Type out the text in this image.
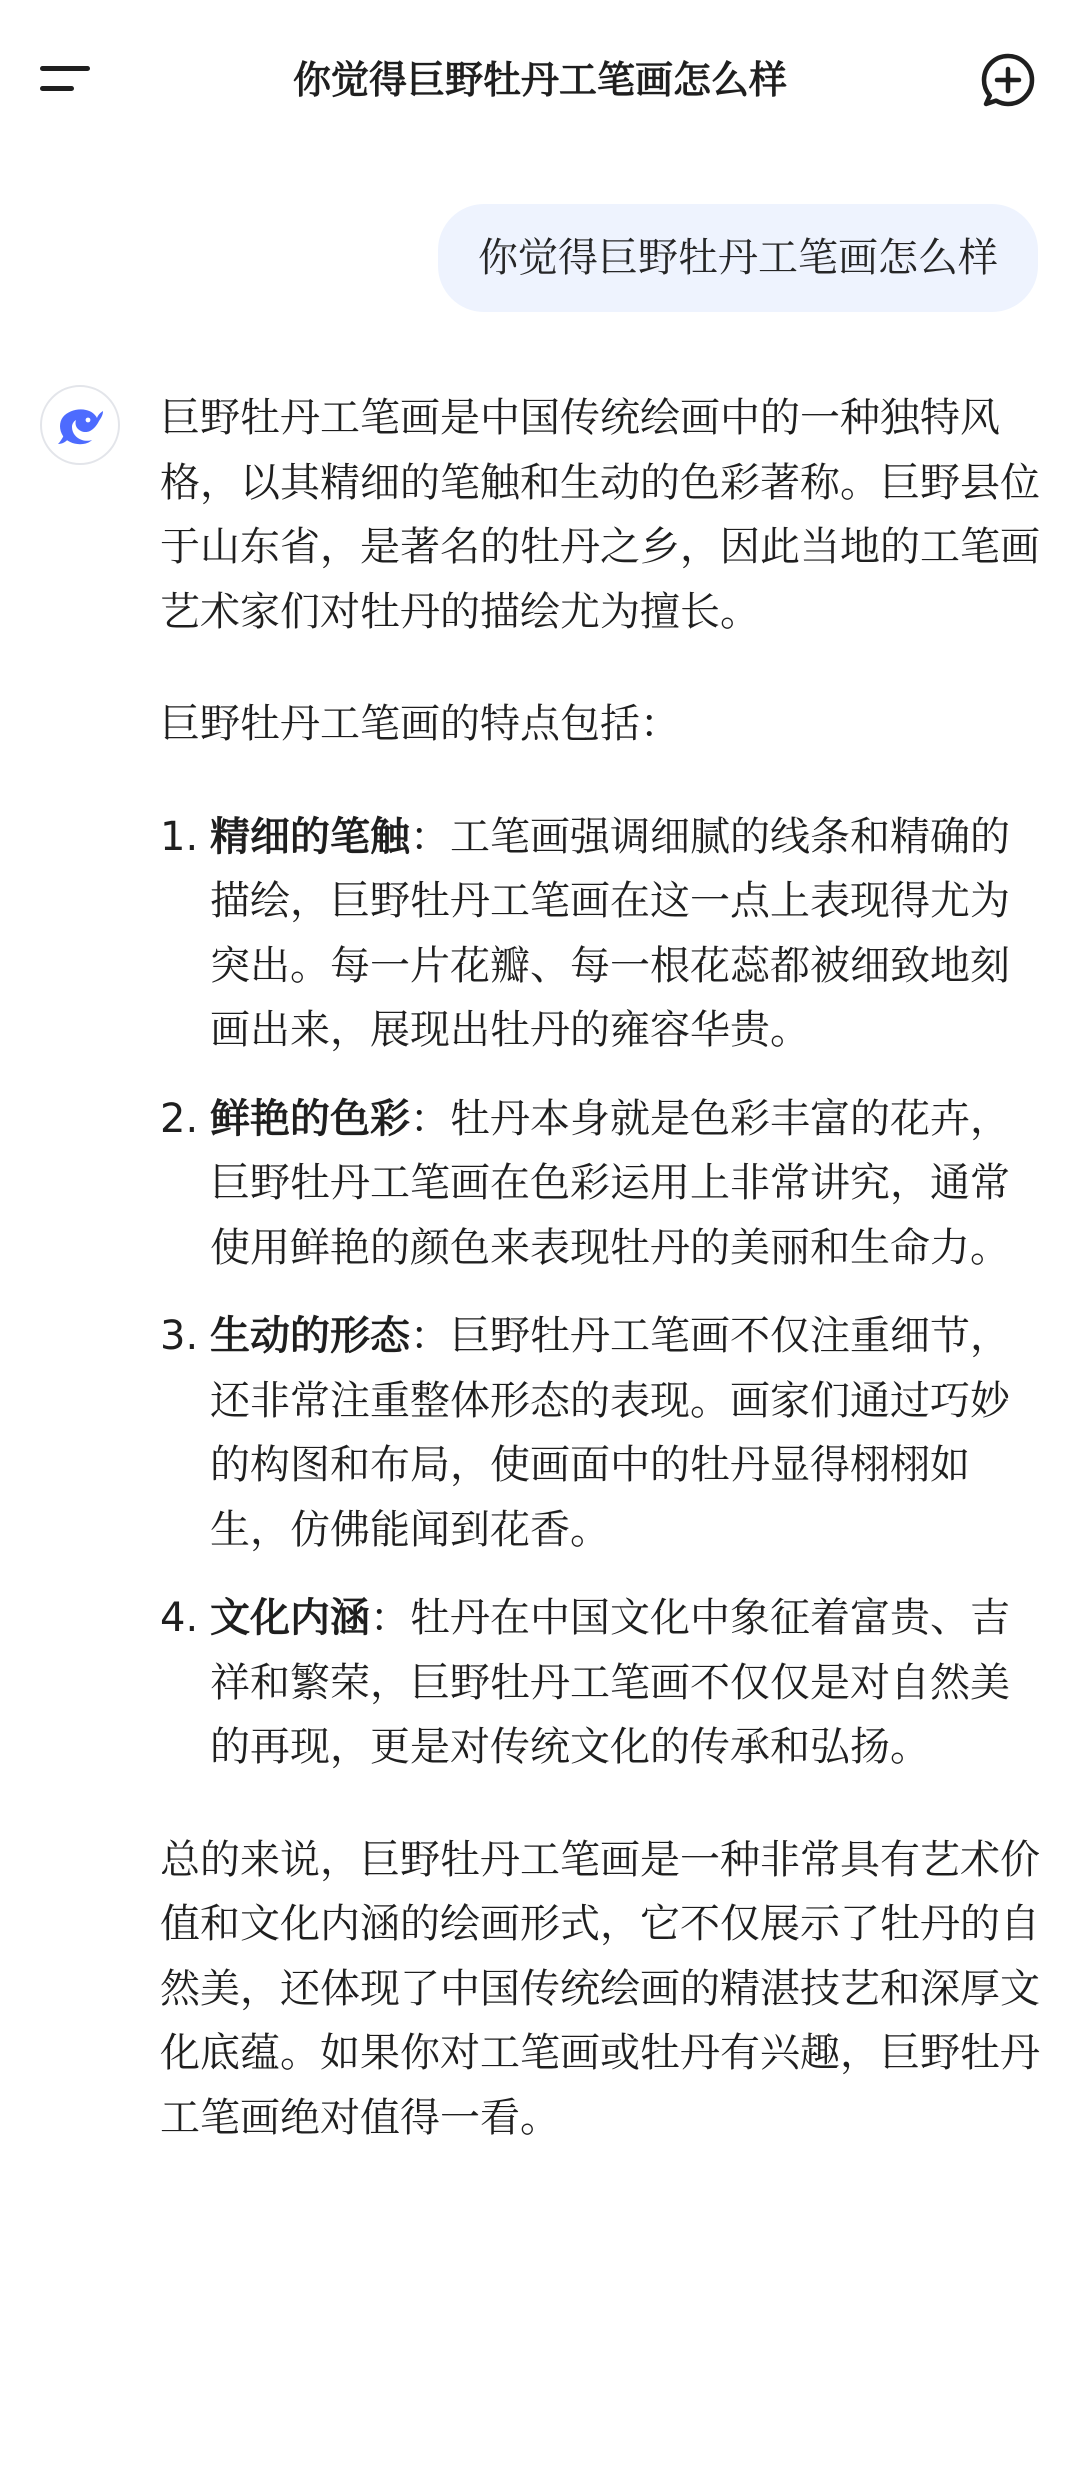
你觉得巨野牡丹工笔画怎么样
你觉得巨野牡丹工笔画怎么样

巨野牡丹工笔画是中国传统绘画中的一种独特风格，以其精细的笔触和生动的色彩著称。巨野县位于山东省，是著名的牡丹之乡，因此当地的工笔画艺术家们对牡丹的描绘尤为擅长。

巨野牡丹工笔画的特点包括：

1. 精细的笔触：工笔画强调细腻的线条和精确的描绘，巨野牡丹工笔画在这一点上表现得尤为突出。每一片花瓣、每一根花蕊都被细致地刻画出来，展现出牡丹的雍容华贵。
2. 鲜艳的色彩：牡丹本身就是色彩丰富的花卉，巨野牡丹工笔画在色彩运用上非常讲究，通常使用鲜艳的颜色来表现牡丹的美丽和生命力。
3. 生动的形态：巨野牡丹工笔画不仅注重细节，还非常注重整体形态的表现。画家们通过巧妙的构图和布局，使画面中的牡丹显得栩栩如生，仿佛能闻到花香。
4. 文化内涵：牡丹在中国文化中象征着富贵、吉祥和繁荣，巨野牡丹工笔画不仅仅是对自然美的再现，更是对传统文化的传承和弘扬。

总的来说，巨野牡丹工笔画是一种非常具有艺术价值和文化内涵的绘画形式，它不仅展示了牡丹的自然美，还体现了中国传统绘画的精湛技艺和深厚文化底蕴。如果你对工笔画或牡丹有兴趣，巨野牡丹工笔画绝对值得一看。
